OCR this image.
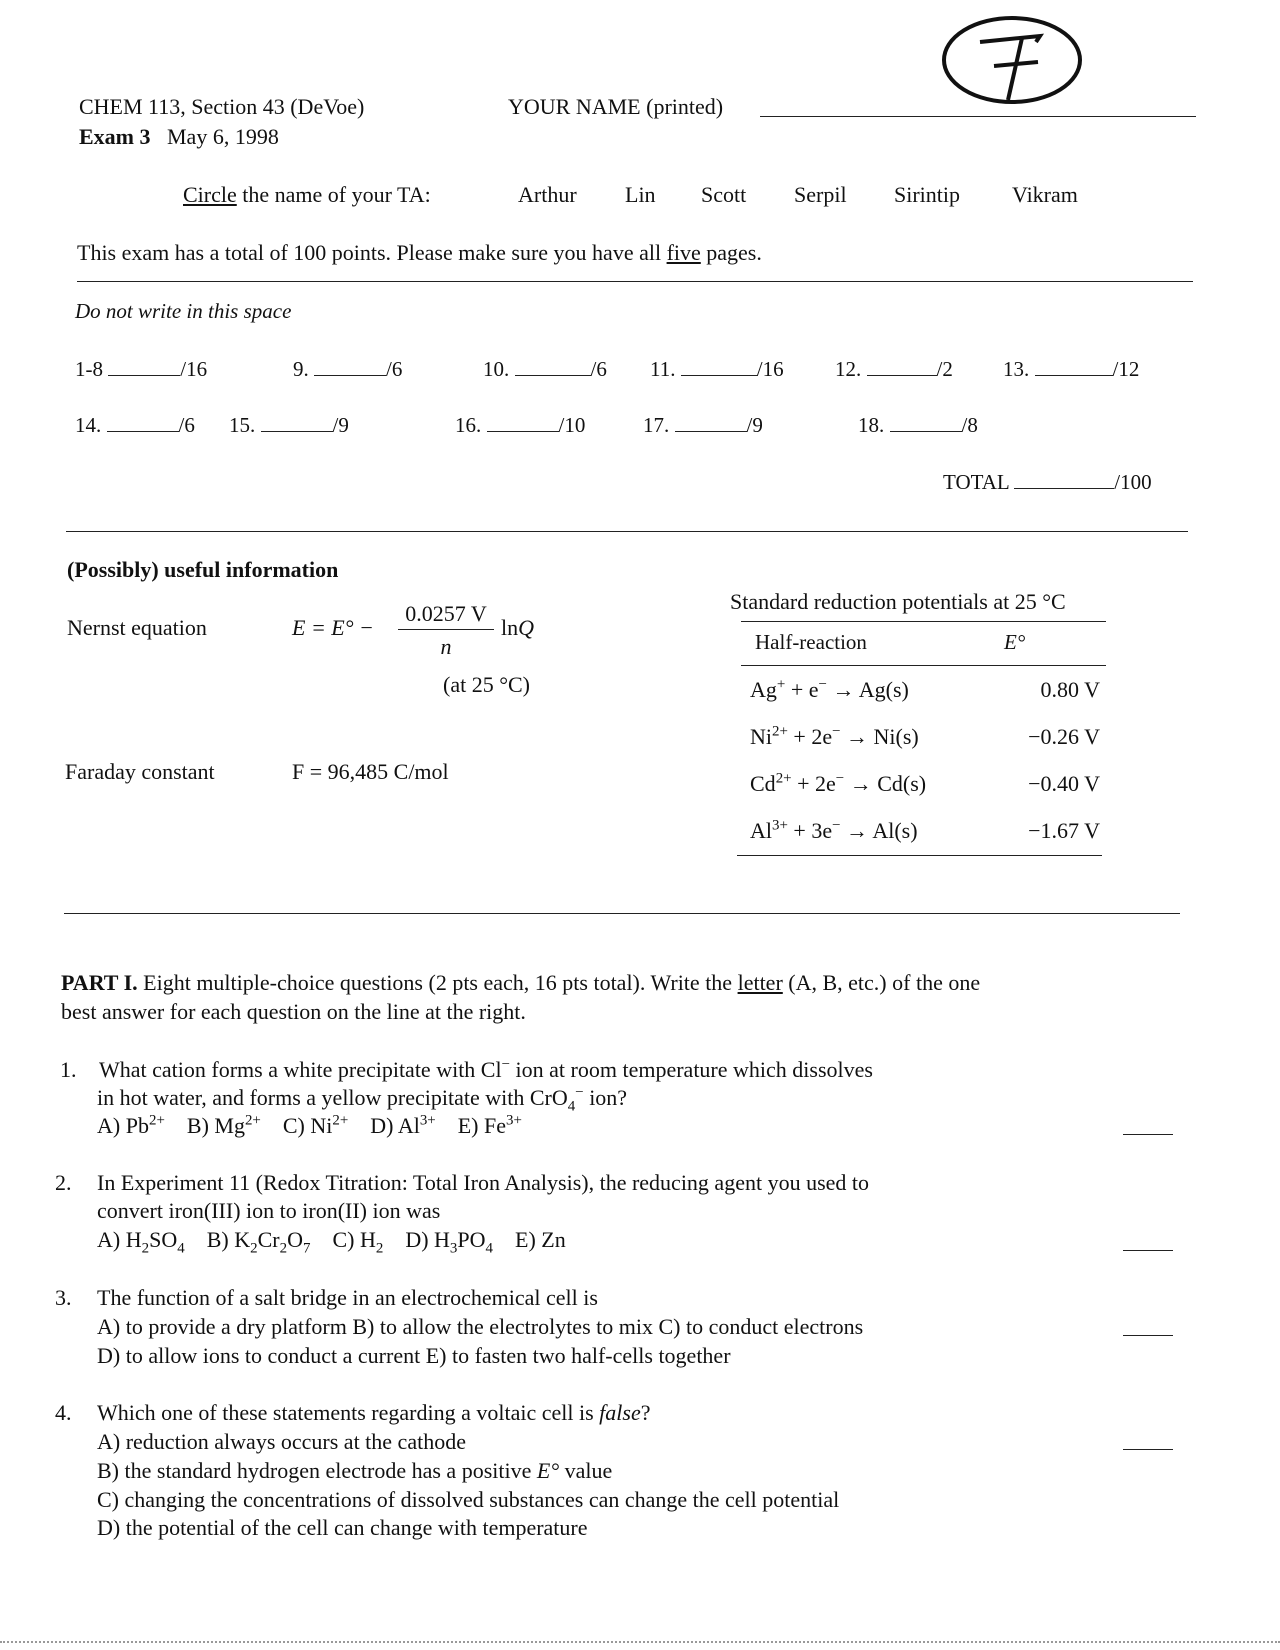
CHEM 113, Section 43 (DeVoe)
Exam 3 May 6, 1998
YOUR NAME (printed)
Circle the name of your TA:	Arthur Lin Scott Serpil Sirintip Vikram
This exam has a total of 100 points. Please make sure you have all five pages.
Do not write in this space
1-8	/16	9.	/6	10.	/6 11.	/16 12.	/2 13.	/12
14.	/6 15.	/9	16.	/10	17.	/9	18.	/8
TOTAL	/100
(Possibly) useful information
Nernst equation	E = E° −
0.0257 V
n
lnQ
(at 25 °C)
Faraday constant	F = 96,485 C/mol
Standard reduction potentials at 25 °C
Half-reaction	E°
Ag+ + e− → Ag(s)	0.80 V
$Ni^{2+} + 2e^- \to Ni(s)$	−0.26 V
$Cd^{2+} + 2e^- \to Cd(s)$	−0.40 V
$Al^{3+} + 3e^- \to Al(s)$	−1.67 V
PART I. Eight multiple-choice questions (2 pts each, 16 pts total). Write the letter (A, B, etc.) of the one
best answer for each question on the line at the right.
1. What cation forms a white precipitate with Cl− ion at room temperature which dissolves
in hot water, and forms a yellow precipitate with CrO$_4$− ion?
A) $Pb^{2+}$ B) $Mg^{2+}$ C) $Ni^{2+}$ D) $Al^{3+}$ E) $Fe^{3+}$
2. In Experiment 11 (Redox Titration: Total Iron Analysis), the reducing agent you used to
convert iron(III) ion to iron(II) ion was
A) $H_2SO_4$ B) $K_2Cr_2O_7$ C) $H_2$ D) $H_3PO_4$ E) Zn
3. The function of a salt bridge in an electrochemical cell is
A) to provide a dry platform B) to allow the electrolytes to mix C) to conduct electrons
D) to allow ions to conduct a current E) to fasten two half-cells together
4. Which one of these statements regarding a voltaic cell is false?
A) reduction always occurs at the cathode
B) the standard hydrogen electrode has a positive E° value
C) changing the concentrations of dissolved substances can change the cell potential
D) the potential of the cell can change with temperature
